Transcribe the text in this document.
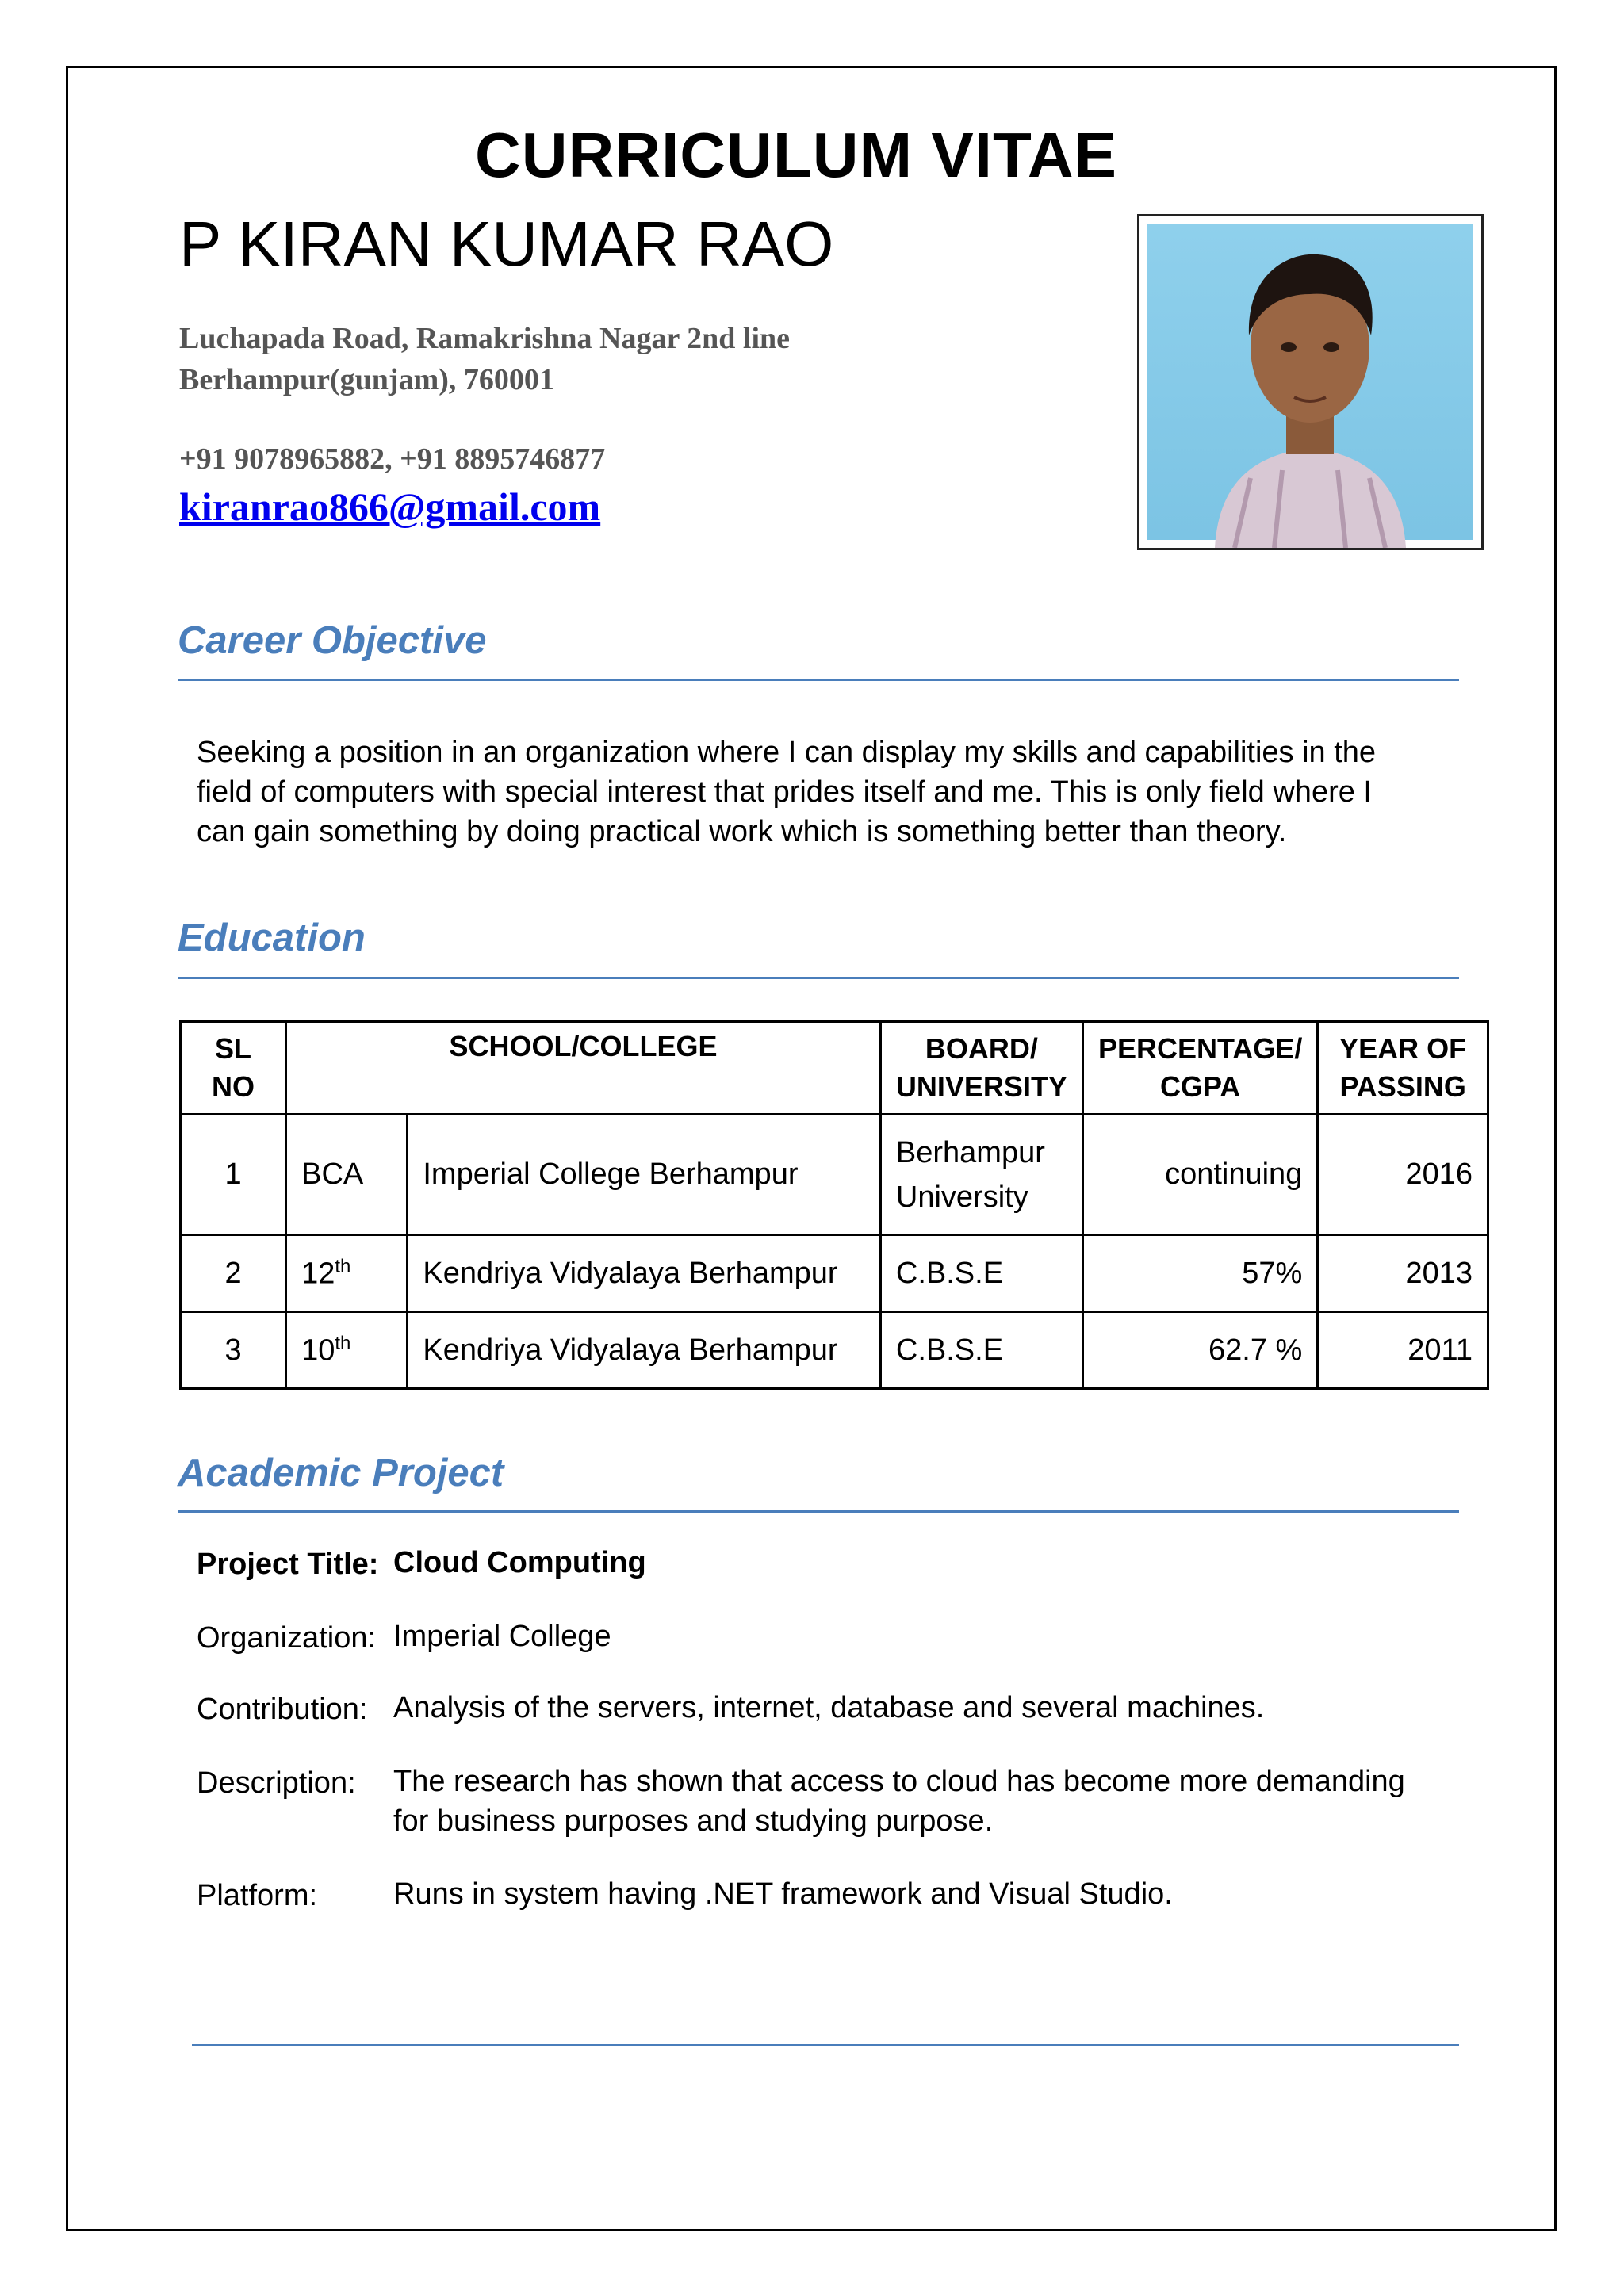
CURRICULUM VITAE
P KIRAN KUMAR RAO
Luchapada Road, Ramakrishna Nagar 2nd line
Berhampur(gunjam), 760001
+91 9078965882, +91 8895746877
kiranrao866@gmail.com
Career Objective
Seeking a position in an organization where I can display my skills and capabilities in the
field of computers with special interest that prides itself and me. This is only field where I
can gain something by doing practical work which is something better than theory.
Education
SL NO	SCHOOL/COLLEGE		BOARD/ UNIVERSITY	PERCENTAGE/ CGPA	YEAR OF PASSING
1	BCA	Imperial College Berhampur	Berhampur University	continuing	2016
2	12th	Kendriya Vidyalaya Berhampur	C.B.S.E	57%	2013
3	10th	Kendriya Vidyalaya Berhampur	C.B.S.E	62.7 %	2011
Academic Project
Project Title: Cloud Computing
Organization: Imperial College
Contribution: Analysis of the servers, internet, database and several machines.
Description: The research has shown that access to cloud has become more demanding
for business purposes and studying purpose.
Platform:	Runs in system having .NET framework and Visual Studio.
